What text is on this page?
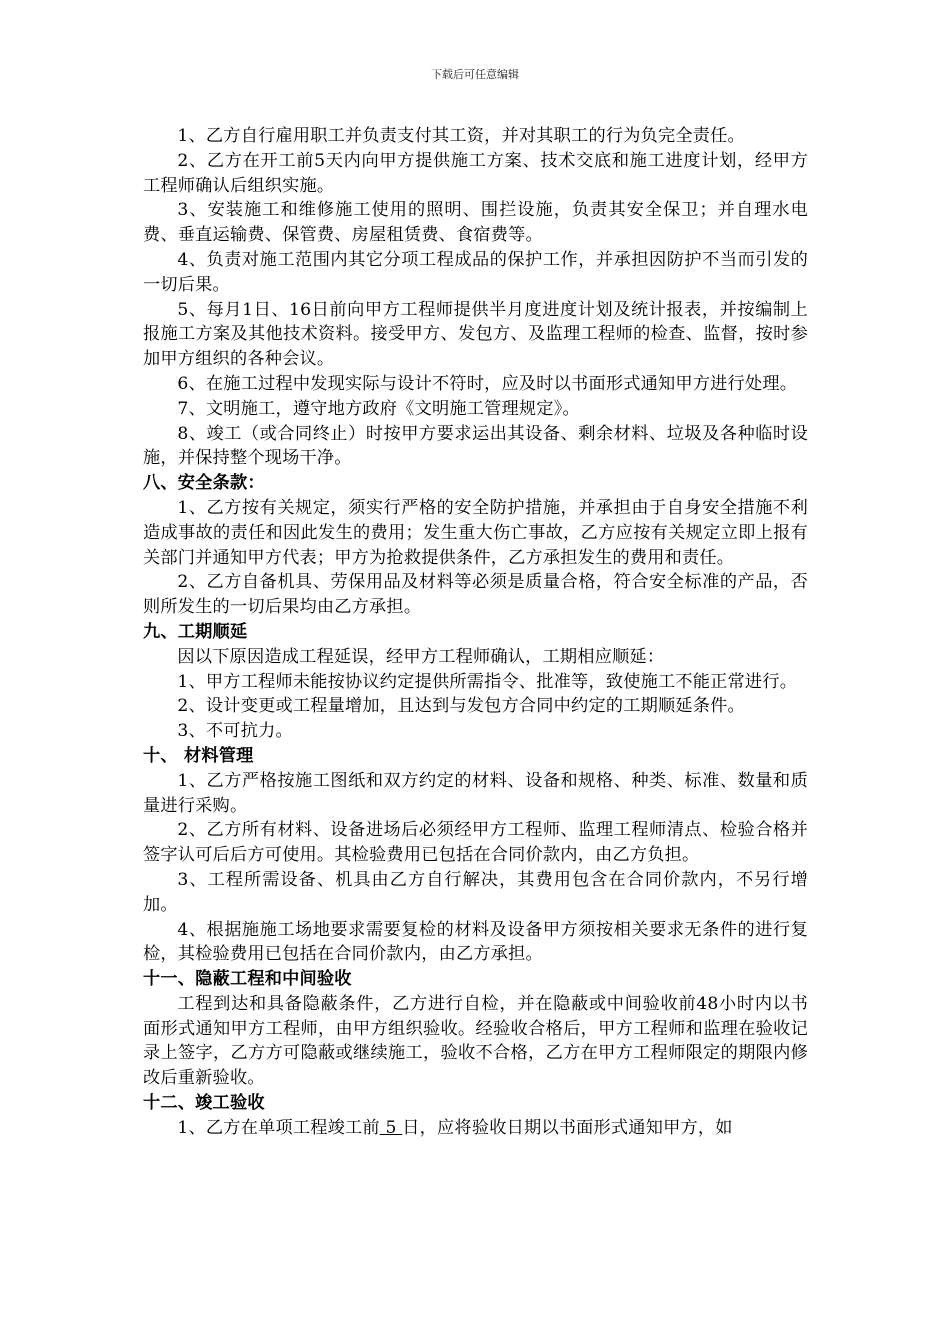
下载后可任意编辑

1、乙方自行雇用职工并负责支付其工资，并对其职工的行为负完全责任。

2、乙方在开工前5天内向甲方提供施工方案、技术交底和施工进度计划，经甲方工程师确认后组织实施。

3、安装施工和维修施工使用的照明、围拦设施，负责其安全保卫；并自理水电费、垂直运输费、保管费、房屋租赁费、食宿费等。

4、负责对施工范围内其它分项工程成品的保护工作，并承担因防护不当而引发的一切后果。

5、每月1日、16日前向甲方工程师提供半月度进度计划及统计报表，并按编制上报施工方案及其他技术资料。接受甲方、发包方、及监理工程师的检查、监督，按时参加甲方组织的各种会议。

6、在施工过程中发现实际与设计不符时，应及时以书面形式通知甲方进行处理。

7、文明施工，遵守地方政府《文明施工管理规定》。

8、竣工（或合同终止）时按甲方要求运出其设备、剩余材料、垃圾及各种临时设施，并保持整个现场干净。

八、安全条款：

1、乙方按有关规定，须实行严格的安全防护措施，并承担由于自身安全措施不利造成事故的责任和因此发生的费用；发生重大伤亡事故，乙方应按有关规定立即上报有关部门并通知甲方代表；甲方为抢救提供条件，乙方承担发生的费用和责任。

2、乙方自备机具、劳保用品及材料等必须是质量合格，符合安全标准的产品，否则所发生的一切后果均由乙方承担。

九、工期顺延

因以下原因造成工程延误，经甲方工程师确认，工期相应顺延：

1、甲方工程师未能按协议约定提供所需指令、批准等，致使施工不能正常进行。

2、设计变更或工程量增加，且达到与发包方合同中约定的工期顺延条件。

3、不可抗力。

十、 材料管理

1、乙方严格按施工图纸和双方约定的材料、设备和规格、种类、标准、数量和质量进行采购。

2、乙方所有材料、设备进场后必须经甲方工程师、监理工程师清点、检验合格并签字认可后后方可使用。其检验费用已包括在合同价款内，由乙方负担。

3、工程所需设备、机具由乙方自行解决，其费用包含在合同价款内，不另行增加。

4、根据施施工场地要求需要复检的材料及设备甲方须按相关要求无条件的进行复检，其检验费用已包括在合同价款内，由乙方承担。

十一、隐蔽工程和中间验收

工程到达和具备隐蔽条件，乙方进行自检，并在隐蔽或中间验收前48小时内以书面形式通知甲方工程师，由甲方组织验收。经验收合格后，甲方工程师和监理在验收记录上签字，乙方方可隐蔽或继续施工，验收不合格，乙方在甲方工程师限定的期限内修改后重新验收。

十二、竣工验收

1、乙方在单项工程竣工前 5 日，应将验收日期以书面形式通知甲方，如
